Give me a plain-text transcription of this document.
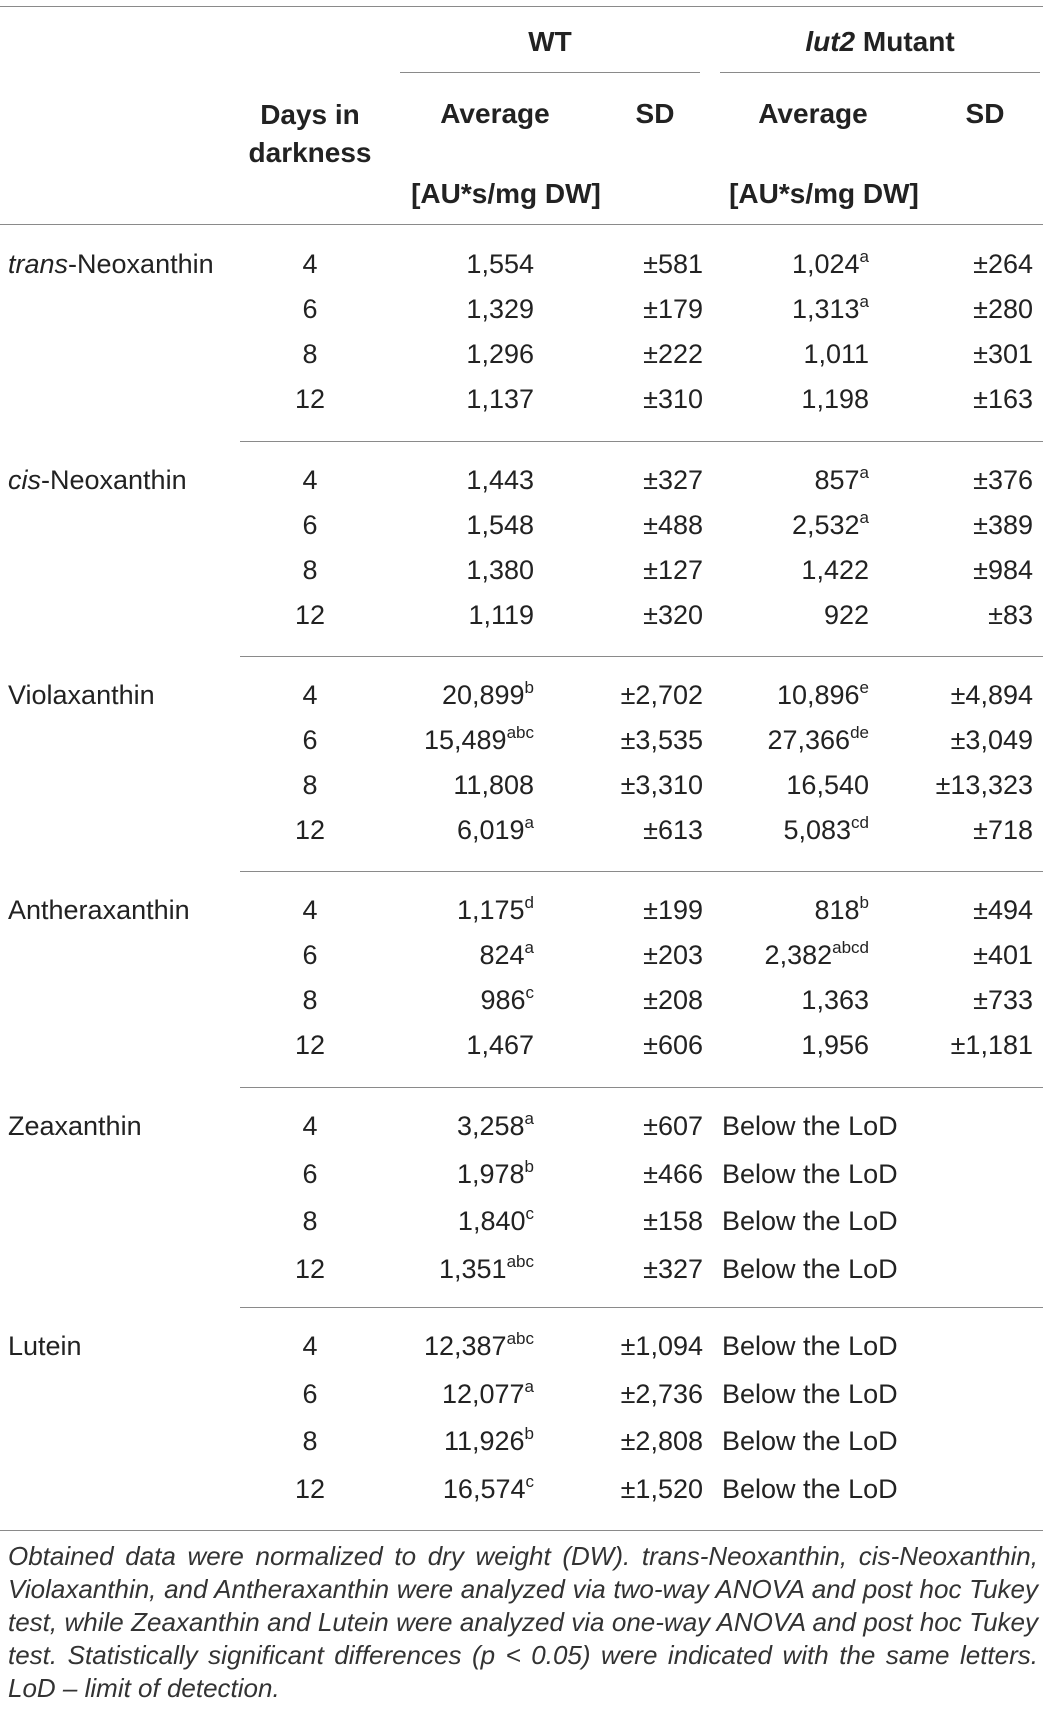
WT	lut2 Mutant
Days in darkness
Average	SD	Average	SD
[AU*s/mg DW]	[AU*s/mg DW]
trans-Neoxanthin	4	1,554	±581	1,024$^a$	±264
6	1,329	±179	1,313$^a$	±280
8	1,296	±222	1,011	±301
12	1,137	±310	1,198	±163
cis-Neoxanthin	4	1,443	±327	$857^a$	±376
6	1,548	±488	2,532$^a$	±389
8	1,380	±127	1,422	±984
12	1,119	±320	922	±83
Violaxanthin	4	20,899$^b$	±2,702	10,896$^e$	±4,894
6	15,489$^{abc}$	±3,535 27,366de	±3,049
8	11,808	±3,310	16,540 ±13,323
12	6,019$^a$	±613	5,083$^{cd}$	±718
Antheraxanthin	4	1,175$^d$	±199	$818^b$	±494
6	$824^a$	±203 $2,382^{abcd}$	±401
8	$986^c$	±208	1,363	±733
12	1,467	±606	1,956	±1,181
Zeaxanthin	4	3,258$^a$	±607 Below the LoD
6	1,978$^b$	±466 Below the LoD
8	1,840$^c$	±158 Below the LoD
12	1,351$^{abc}$	±327 Below the LoD
Lutein	4	12,387$^{abc}$	±1,094 Below the LoD
6	12,077$^a$	±2,736 Below the LoD
8	11,926$^b$	±2,808 Below the LoD
12	16,574$^c$	±1,520 Below the LoD
Obtained data were normalized to dry weight (DW). trans-Neoxanthin, cis-Neoxanthin, Violaxanthin, and Antheraxanthin were analyzed via two-way ANOVA and post hoc Tukey test, while Zeaxanthin and Lutein were analyzed via one-way ANOVA and post hoc Tukey test. Statistically significant differences (p < 0.05) were indicated with the same letters. LoD – limit of detection.
